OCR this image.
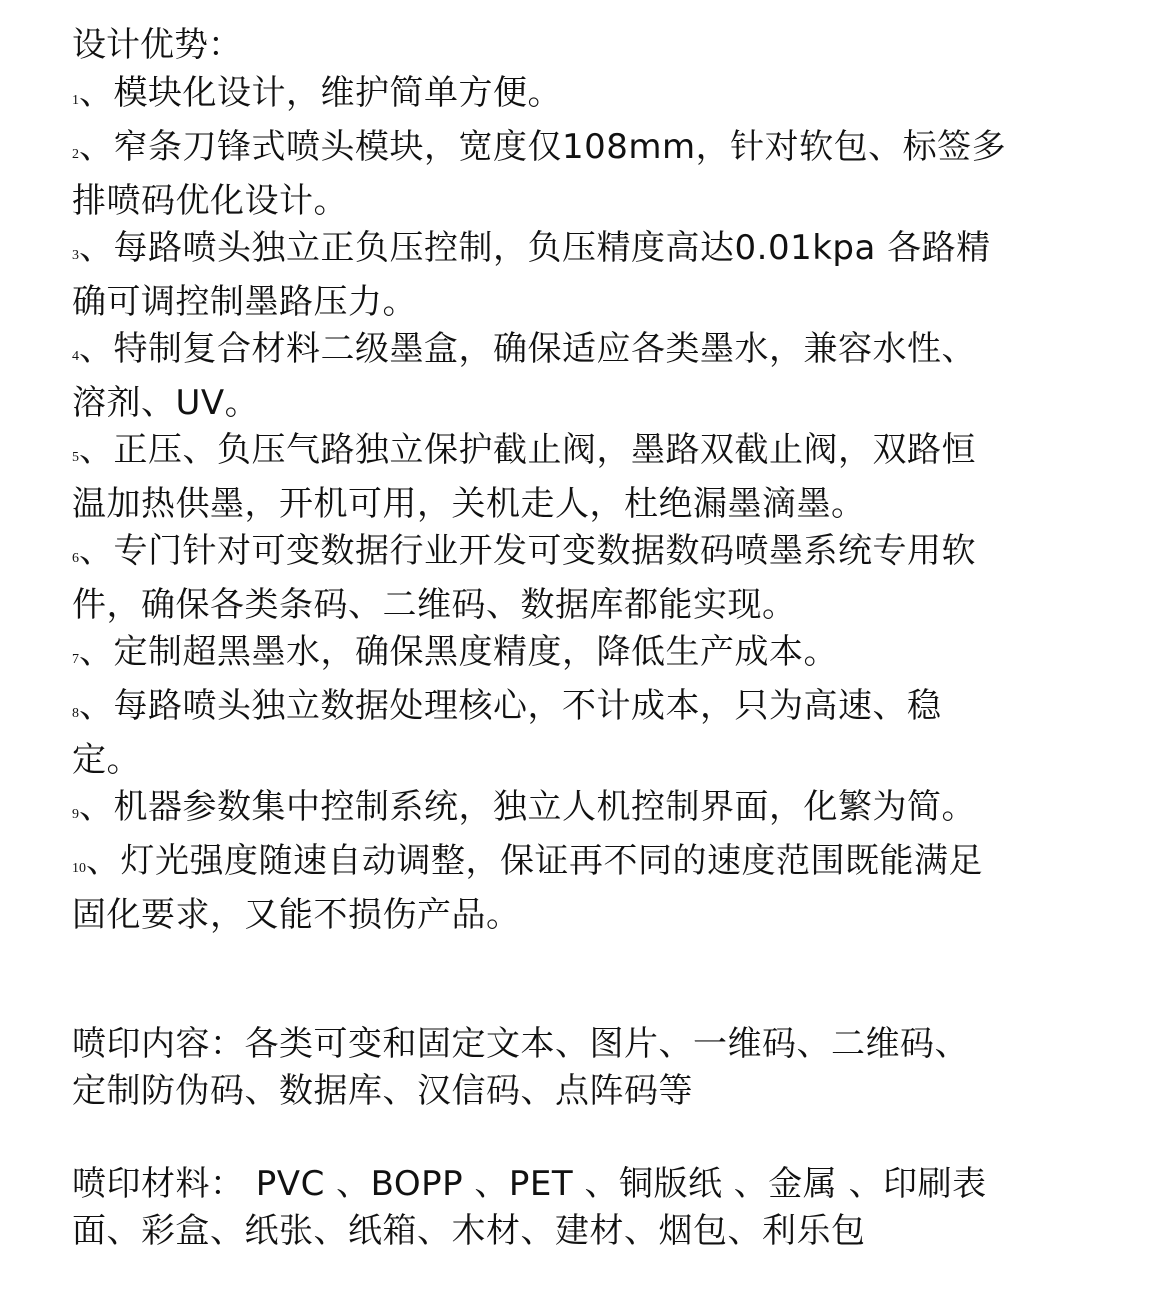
设计优势：
1、模块化设计，维护简单方便。
2、窄条刀锋式喷头模块，宽度仅108mm，针对软包、标签多
排喷码优化设计。
3、每路喷头独立正负压控制，负压精度高达0.01kpa 各路精
确可调控制墨路压力。
4、特制复合材料二级墨盒，确保适应各类墨水，兼容水性、
溶剂、UV。
5、正压、负压气路独立保护截止阀，墨路双截止阀，双路恒
温加热供墨，开机可用，关机走人，杜绝漏墨滴墨。
6、专门针对可变数据行业开发可变数据数码喷墨系统专用软
件，确保各类条码、二维码、数据库都能实现。
7、定制超黑墨水，确保黑度精度，降低生产成本。
8、每路喷头独立数据处理核心，不计成本，只为高速、稳
定。
9、机器参数集中控制系统，独立人机控制界面，化繁为简。
10、灯光强度随速自动调整，保证再不同的速度范围既能满足
固化要求，又能不损伤产品。
喷印内容：各类可变和固定文本、图片、一维码、二维码、
定制防伪码、数据库、汉信码、点阵码等
喷印材料： PVC 、BOPP 、PET 、铜版纸 、金属 、印刷表
面、彩盒、纸张、纸箱、木材、建材、烟包、利乐包
